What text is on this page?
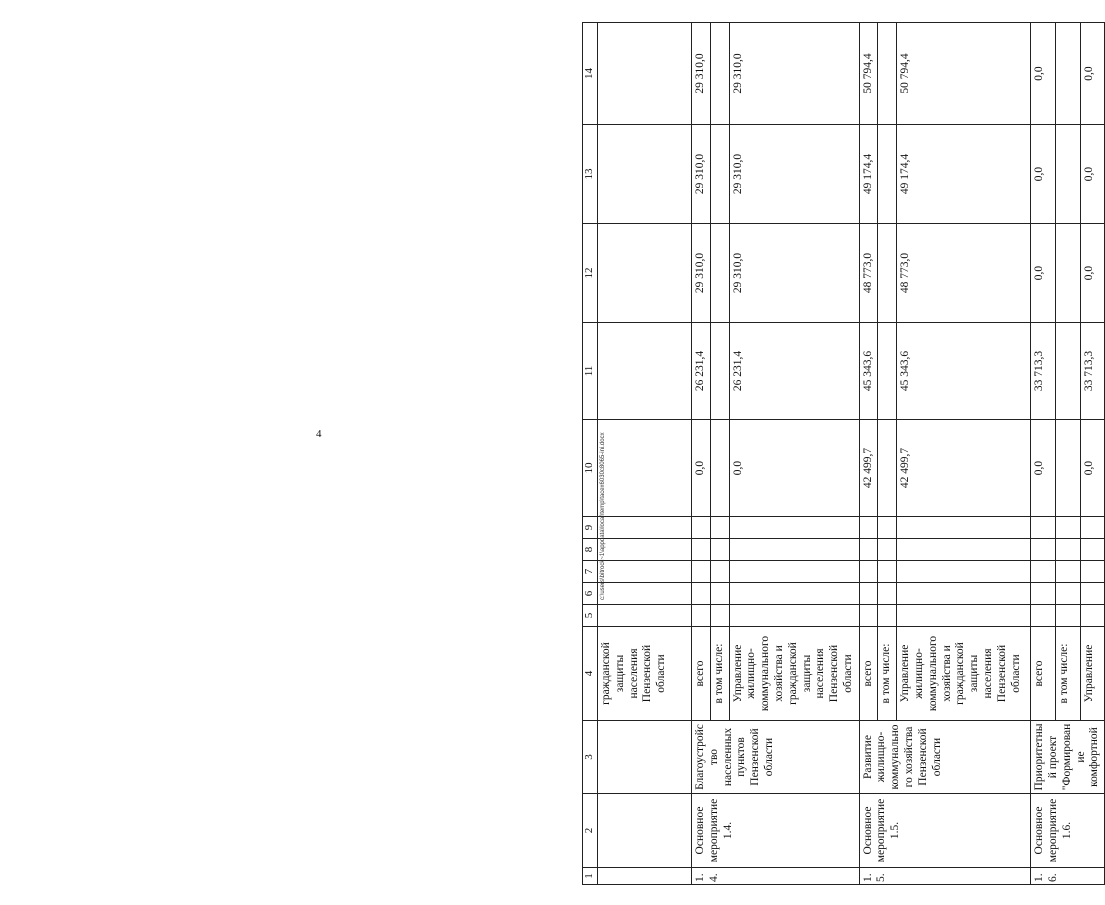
4
1	2	3	4	5	6	7	8	9	10	11	12	13	14
			гражданской защиты населения Пензенской области										
1.4.	Основное мероприятие 1.4.	Благоустройство населенных пунктов Пензенской области	всего						0,0	26 231,4	29 310,0	29 310,0	29 310,0
			в том числе:										
			Управление жилищно-коммунального хозяйства и гражданской защиты населения Пензенской области						0,0	26 231,4	29 310,0	29 310,0	29 310,0
1.5.	Основное мероприятие 1.5.	Развитие жилищно-коммунального хозяйства Пензенской области	всего						42 499,7	45 343,6	48 773,0	49 174,4	50 794,4
			в том числе:										
			Управление жилищно-коммунального хозяйства и гражданской защиты населения Пензенской области						42 499,7	45 343,6	48 773,0	49 174,4	50 794,4
1.6.	Основное мероприятие 1.6.	Приоритетный проект "Формирование комфортной	всего						0,0	33 713,3	0,0	0,0	0,0
			в том числе:										
			Управление						0,0	33 713,3	0,0	0,0	0,0
c:\users\bitrock~1\appdata\local\temp\tacex6030c8065-ini.docx
